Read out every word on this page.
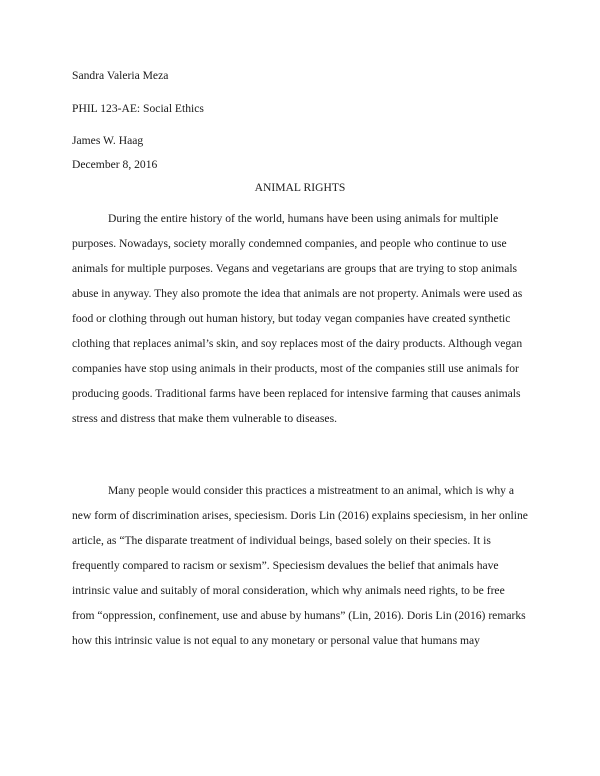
Sandra Valeria Meza
PHIL 123-AE: Social Ethics
James W. Haag
December 8, 2016
ANIMAL RIGHTS

During the entire history of the world, humans have been using animals for multiple purposes. Nowadays, society morally condemned companies, and people who continue to use animals for multiple purposes. Vegans and vegetarians are groups that are trying to stop animals abuse in anyway. They also promote the idea that animals are not property. Animals were used as food or clothing through out human history, but today vegan companies have created synthetic clothing that replaces animal’s skin, and soy replaces most of the dairy products. Although vegan companies have stop using animals in their products, most of the companies still use animals for producing goods. Traditional farms have been replaced for intensive farming that causes animals stress and distress that make them vulnerable to diseases.

Many people would consider this practices a mistreatment to an animal, which is why a new form of discrimination arises, speciesism. Doris Lin (2016) explains speciesism, in her online article, as “The disparate treatment of individual beings, based solely on their species. It is frequently compared to racism or sexism”. Speciesism devalues the belief that animals have intrinsic value and suitably of moral consideration, which why animals need rights, to be free from “oppression, confinement, use and abuse by humans” (Lin, 2016). Doris Lin (2016) remarks how this intrinsic value is not equal to any monetary or personal value that humans may
